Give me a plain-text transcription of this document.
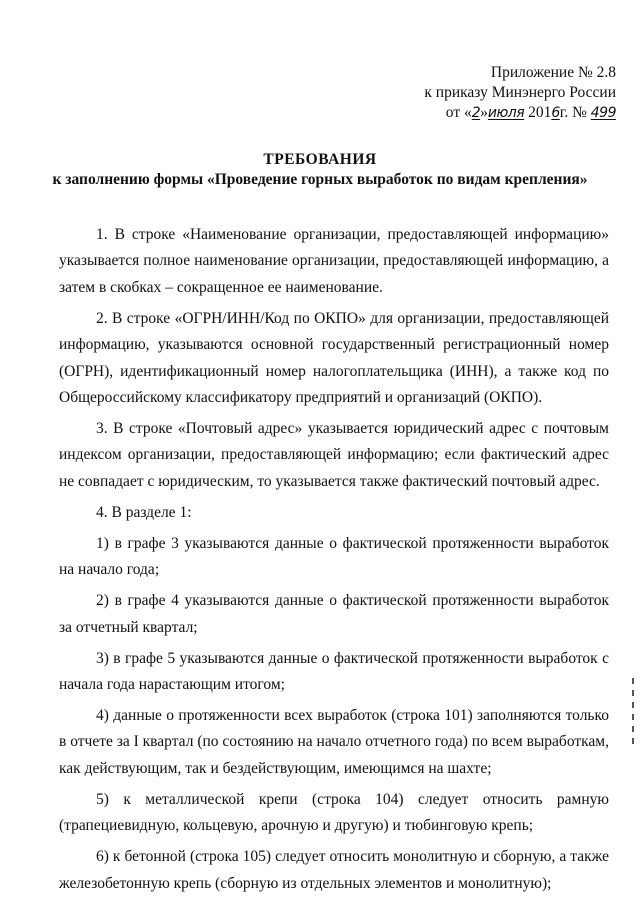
Приложение № 2.8
к приказу Минэнерго России
от «2»июля 2016г. № 499
ТРЕБОВАНИЯ
к заполнению формы «Проведение горных выработок по видам крепления»

1. В строке «Наименование организации, предоставляющей информацию» указывается полное наименование организации, предоставляющей информацию, а затем в скобках – сокращенное ее наименование.

2. В строке «ОГРН/ИНН/Код по ОКПО» для организации, предоставляющей информацию, указываются основной государственный регистрационный номер (ОГРН), идентификационный номер налогоплательщика (ИНН), а также код по Общероссийскому классификатору предприятий и организаций (ОКПО).

3. В строке «Почтовый адрес» указывается юридический адрес с почтовым индексом организации, предоставляющей информацию; если фактический адрес не совпадает с юридическим, то указывается также фактический почтовый адрес.

4. В разделе 1:

1) в графе 3 указываются данные о фактической протяженности выработок на начало года;

2) в графе 4 указываются данные о фактической протяженности выработок за отчетный квартал;

3) в графе 5 указываются данные о фактической протяженности выработок с начала года нарастающим итогом;

4) данные о протяженности всех выработок (строка 101) заполняются только в отчете за I квартал (по состоянию на начало отчетного года) по всем выработкам, как действующим, так и бездействующим, имеющимся на шахте;

5) к металлической крепи (строка 104) следует относить рамную (трапециевидную, кольцевую, арочную и другую) и тюбинговую крепь;

6) к бетонной (строка 105) следует относить монолитную и сборную, а также железобетонную крепь (сборную из отдельных элементов и монолитную);
